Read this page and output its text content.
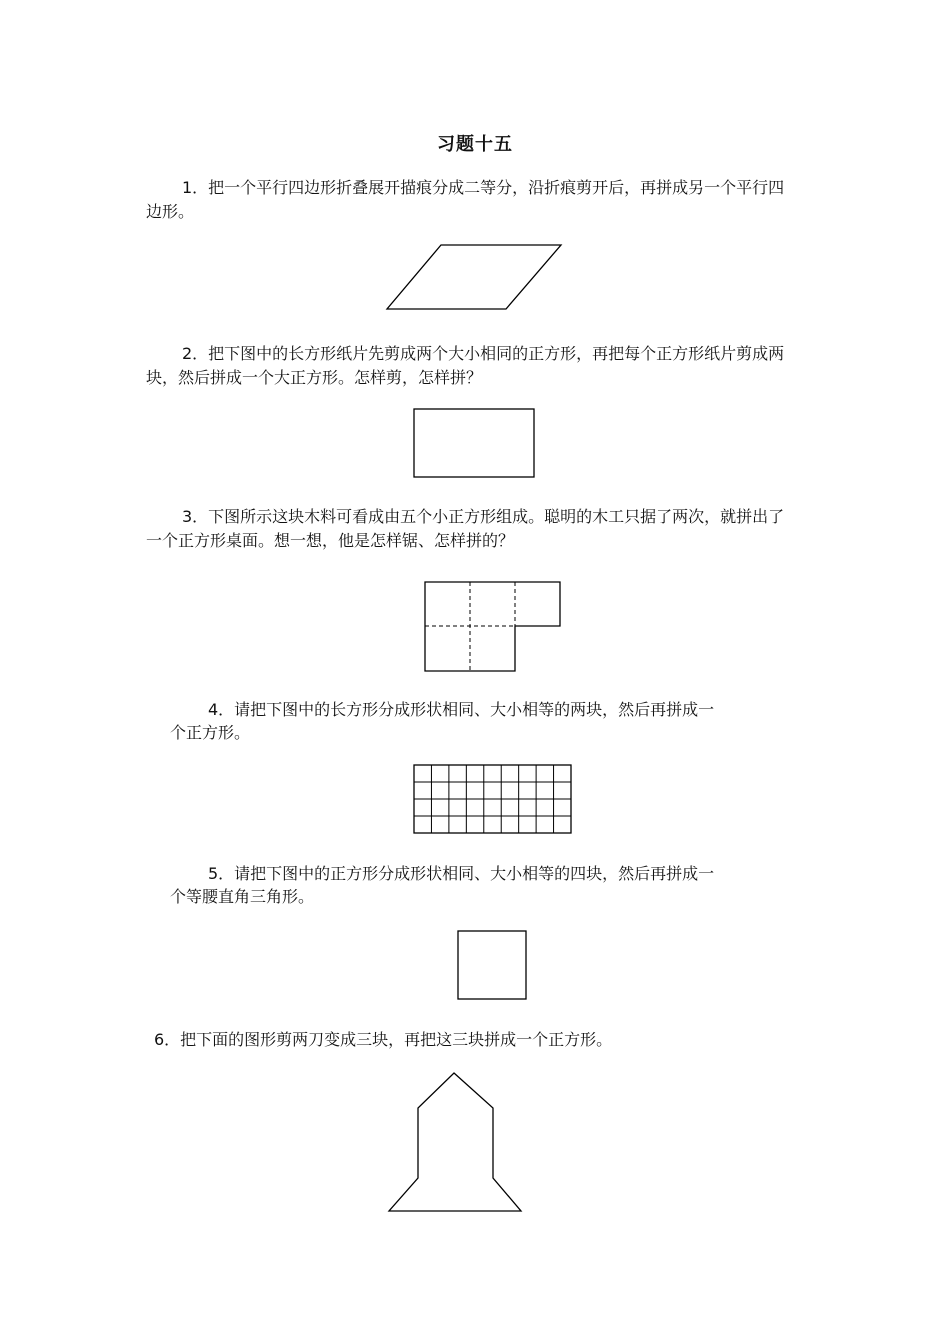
习题十五

1．把一个平行四边形折叠展开描痕分成二等分，沿折痕剪开后，再拼成另一个平行四边形。

2．把下图中的长方形纸片先剪成两个大小相同的正方形，再把每个正方形纸片剪成两块，然后拼成一个大正方形。怎样剪，怎样拼？

3．下图所示这块木料可看成由五个小正方形组成。聪明的木工只据了两次，就拼出了一个正方形桌面。想一想，他是怎样锯、怎样拼的？

4．请把下图中的长方形分成形状相同、大小相等的两块，然后再拼成一

个正方形。

5．请把下图中的正方形分成形状相同、大小相等的四块，然后再拼成一

个等腰直角三角形。

6．把下面的图形剪两刀变成三块，再把这三块拼成一个正方形。
